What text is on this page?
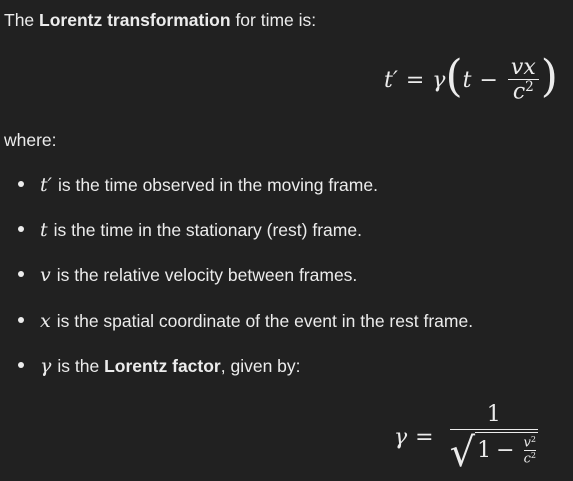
The Lorentz transformation for time is:
t′ = γ ( $t - \frac{vx}{c^2}$ )
where:
t′ is the time observed in the moving frame.
t is the time in the stationary (rest) frame.
v is the relative velocity between frames.
x is the spatial coordinate of the event in the rest frame.
γ is the Lorentz factor, given by:
γ =
1
√ $1 - \frac{v^2}{c^2}$
